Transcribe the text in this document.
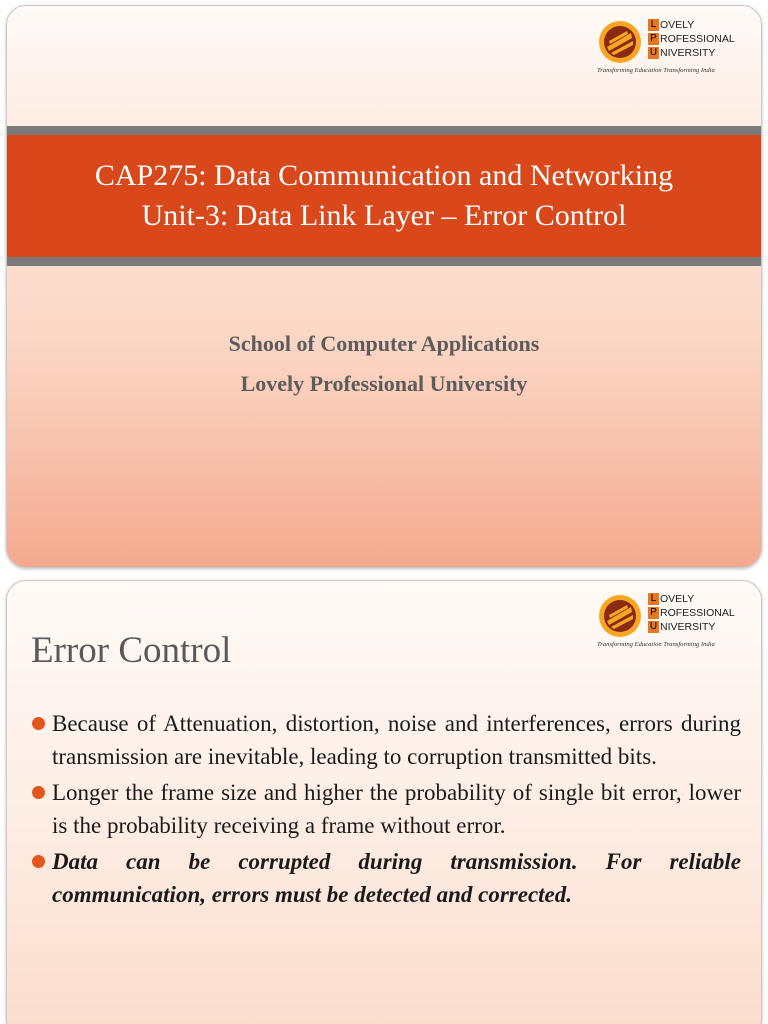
L OVELY
P ROFESSIONAL
U NIVERSITY
Transforming Education Transforming India
CAP275: Data Communication and Networking
Unit-3: Data Link Layer – Error Control
School of Computer Applications
Lovely Professional University
L OVELY
P ROFESSIONAL
U NIVERSITY
Transforming Education Transforming India
Error Control
Because of Attenuation, distortion, noise and interferences, errors during transmission are inevitable, leading to corruption transmitted bits.
Longer the frame size and higher the probability of single bit error, lower is the probability receiving a frame without error.
Data can be corrupted during transmission. For reliable communication, errors must be detected and corrected.
